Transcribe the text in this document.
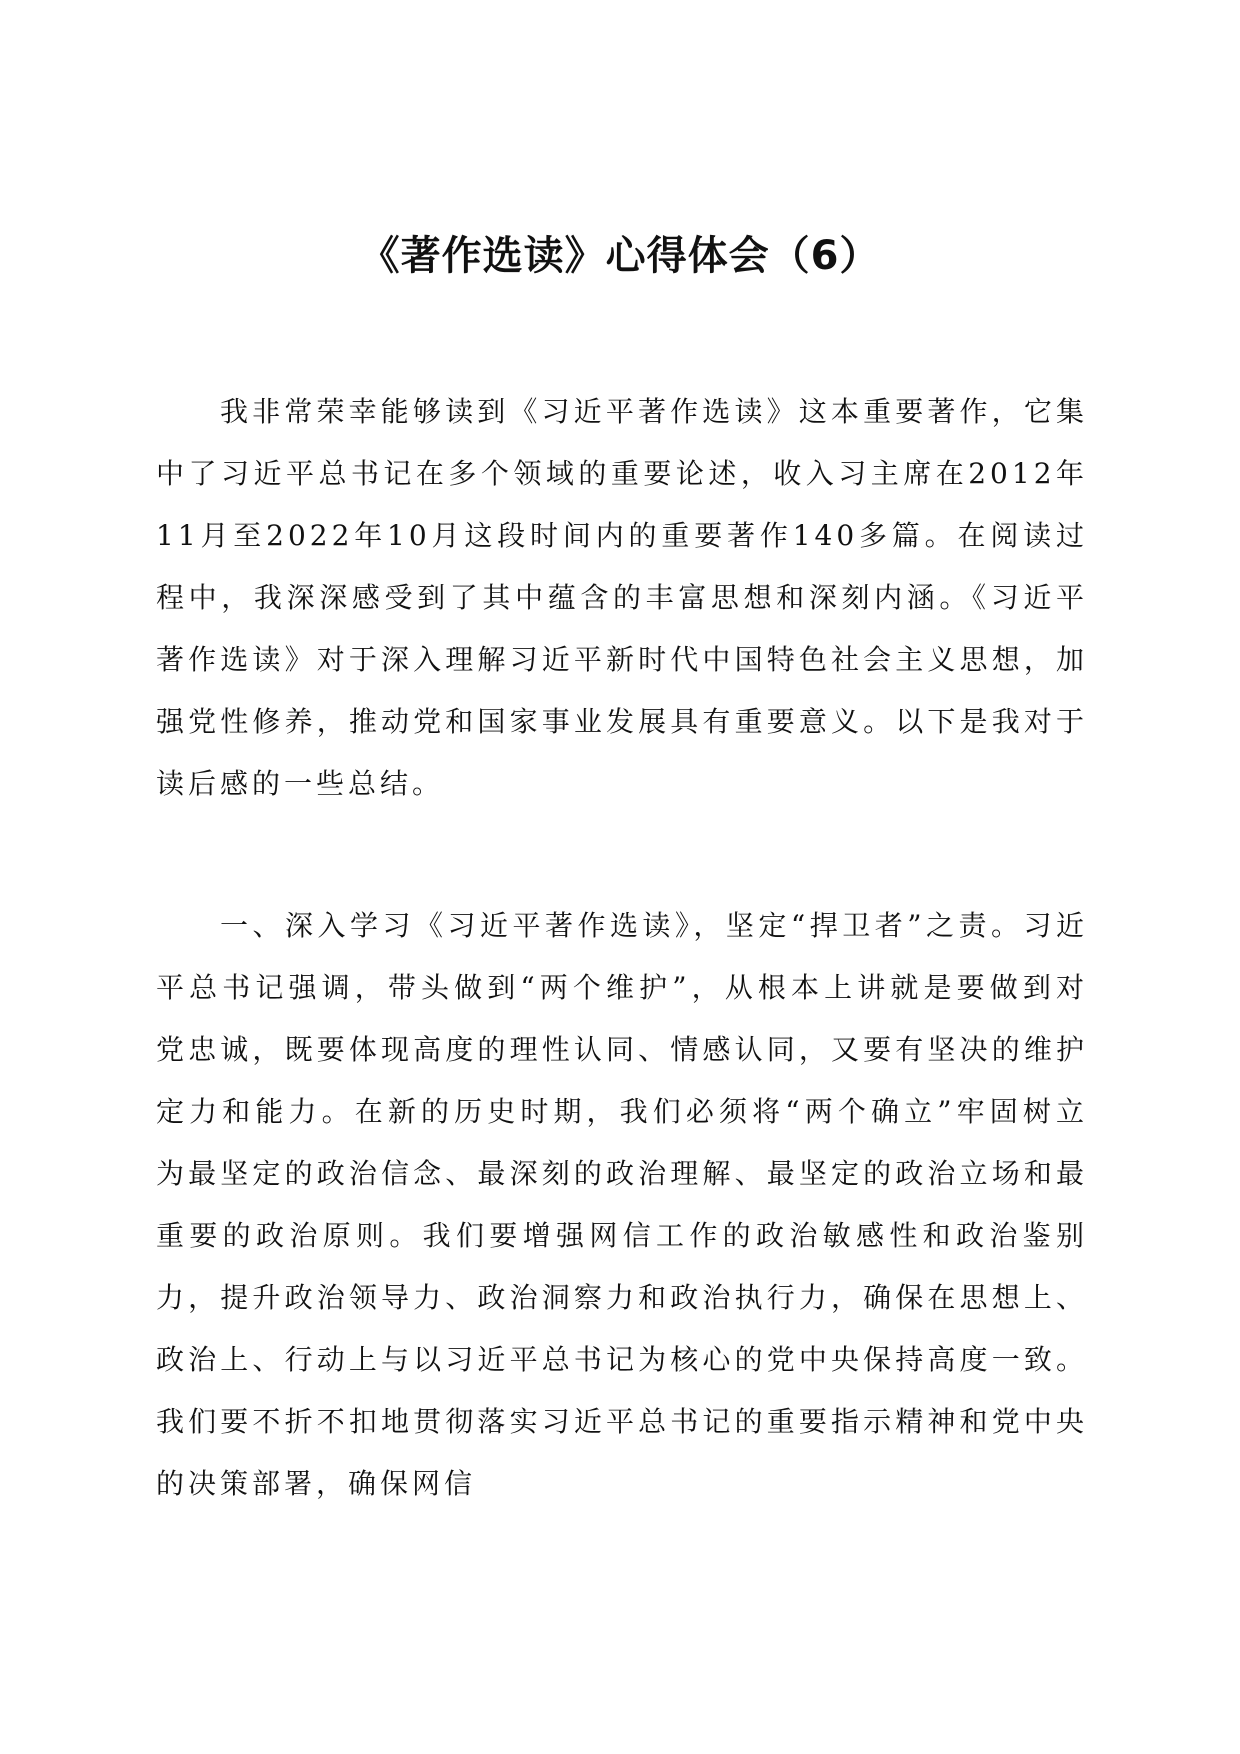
《著作选读》心得体会（6）

我非常荣幸能够读到《习近平著作选读》这本重要著作，它集中了习近平总书记在多个领域的重要论述，收入习主席在2012年11月至2022年10月这段时间内的重要著作140多篇。在阅读过程中，我深深感受到了其中蕴含的丰富思想和深刻内涵。《习近平著作选读》对于深入理解习近平新时代中国特色社会主义思想，加强党性修养，推动党和国家事业发展具有重要意义。以下是我对于读后感的一些总结。

一、深入学习《习近平著作选读》，坚定“捍卫者”之责。习近平总书记强调，带头做到“两个维护”，从根本上讲就是要做到对党忠诚，既要体现高度的理性认同、情感认同，又要有坚决的维护定力和能力。在新的历史时期，我们必须将“两个确立”牢固树立为最坚定的政治信念、最深刻的政治理解、最坚定的政治立场和最重要的政治原则。我们要增强网信工作的政治敏感性和政治鉴别力，提升政治领导力、政治洞察力和政治执行力，确保在思想上、政治上、行动上与以习近平总书记为核心的党中央保持高度一致。我们要不折不扣地贯彻落实习近平总书记的重要指示精神和党中央的决策部署，确保网信
